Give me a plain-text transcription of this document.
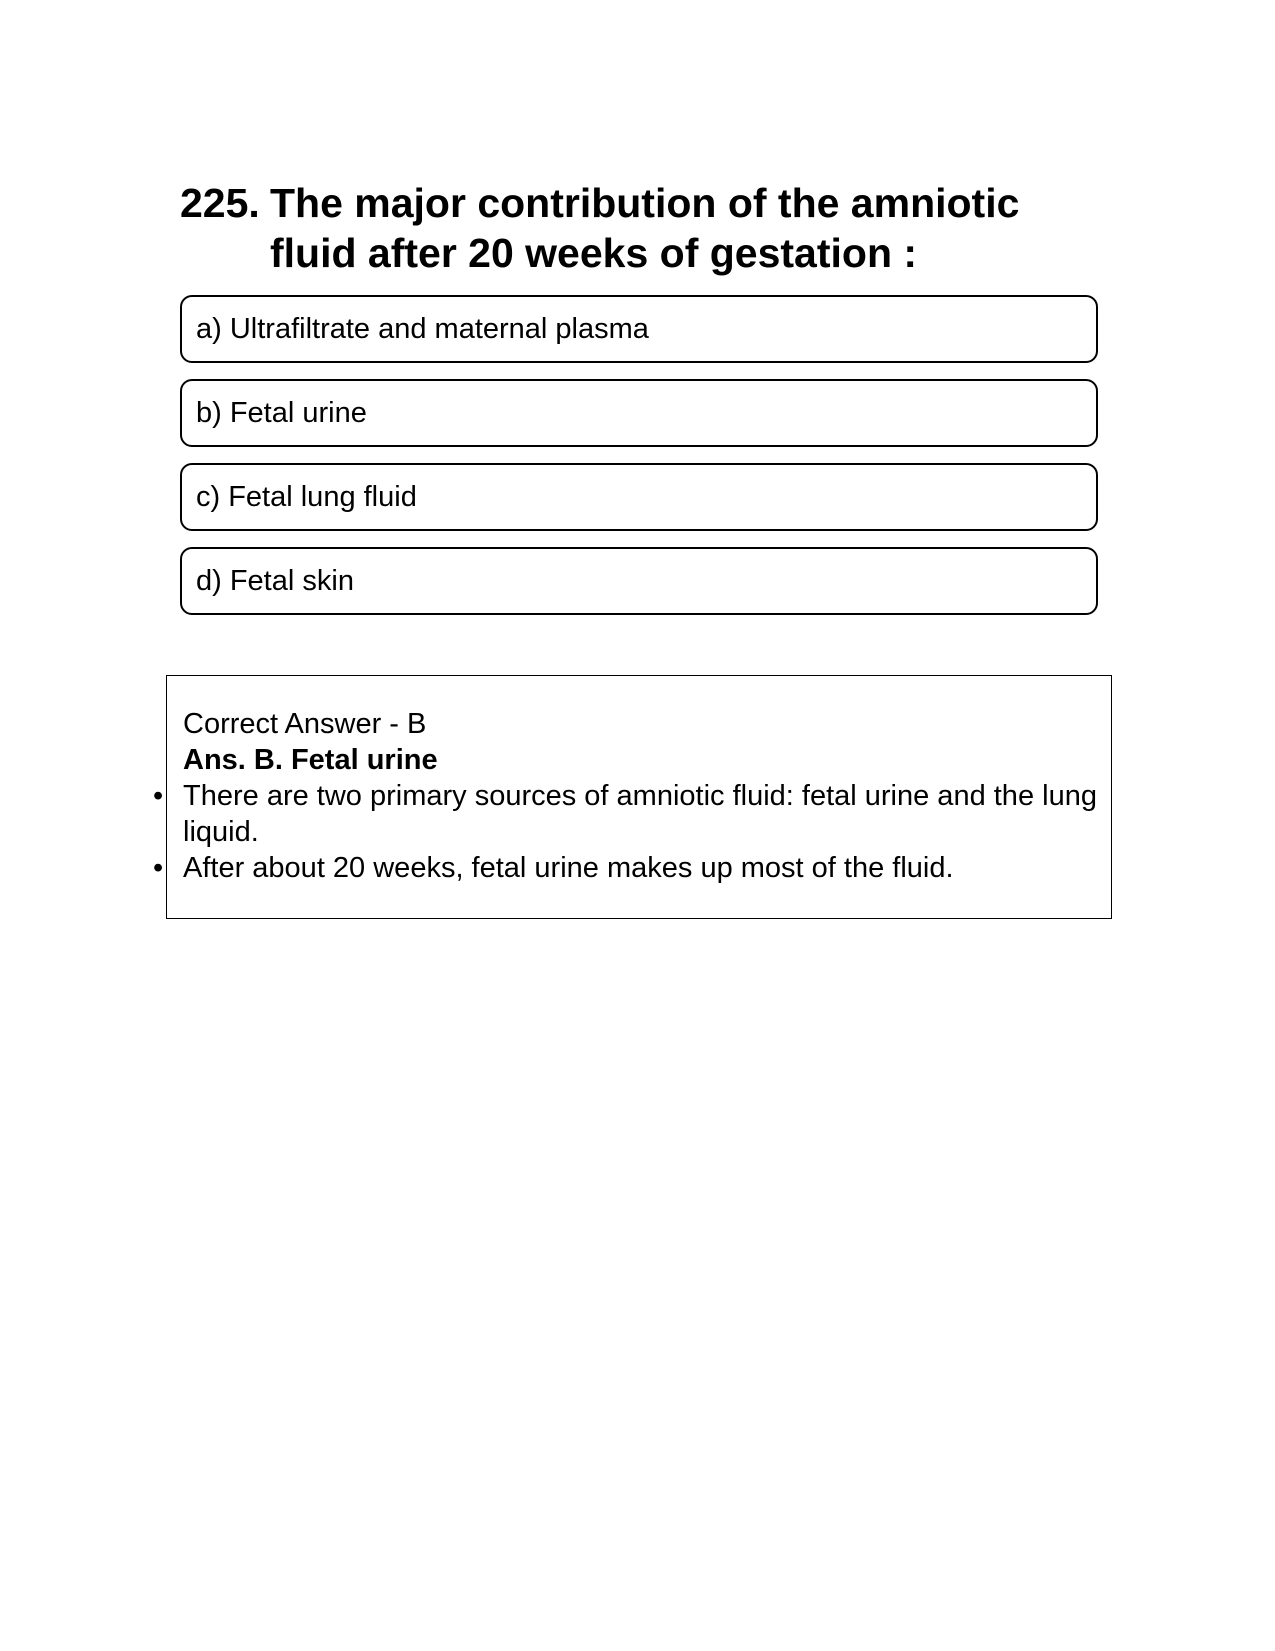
225. The major contribution of the amniotic fluid after 20 weeks of gestation :
a) Ultrafiltrate and maternal plasma
b) Fetal urine
c) Fetal lung fluid
d) Fetal skin
Correct Answer - B
Ans. B. Fetal urine
• There are two primary sources of amniotic fluid: fetal urine and the lung liquid.
• After about 20 weeks, fetal urine makes up most of the fluid.
